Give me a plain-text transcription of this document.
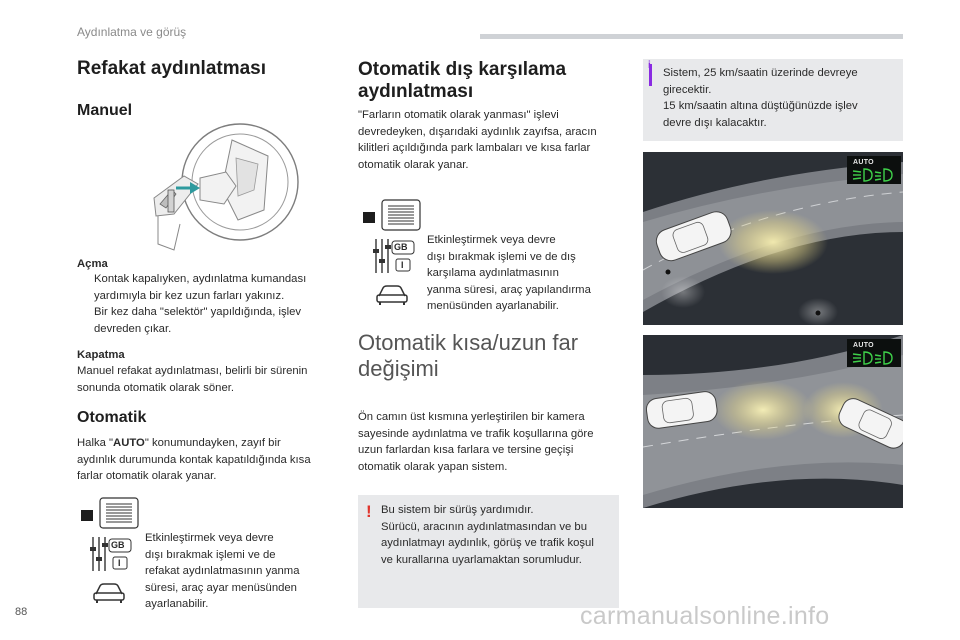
Aydınlatma ve görüş
Refakat aydınlatması
Manuel
Açma
Kontak kapalıyken, aydınlatma kumandası
yardımıyla bir kez uzun farları yakınız.
Bir kez daha "selektör" yapıldığında, işlev
devreden çıkar.
Kapatma
Manuel refakat aydınlatması, belirli bir sürenin
sonunda otomatik olarak söner.
Otomatik
Halka "AUTO" konumundayken, zayıf bir
aydınlık durumunda kontak kapatıldığında kısa
farlar otomatik olarak yanar.
GB
I
Etkinleştirmek veya devre
dışı bırakmak işlemi ve de
refakat aydınlatmasının yanma
süresi, araç ayar menüsünden
ayarlanabilir.
Otomatik dış karşılama
aydınlatması
"Farların otomatik olarak yanması" işlevi
devredeyken, dışarıdaki aydınlık zayıfsa, aracın
kilitleri açıldığında park lambaları ve kısa farlar
otomatik olarak yanar.
GB
I
Etkinleştirmek veya devre
dışı bırakmak işlemi ve de dış
karşılama aydınlatmasının
yanma süresi, araç yapılandırma
menüsünden ayarlanabilir.
Otomatik kısa/uzun far
değişimi
Ön camın üst kısmına yerleştirilen bir kamera
sayesinde aydınlatma ve trafik koşullarına göre
uzun farlardan kısa farlara ve tersine geçişi
otomatik olarak yapan sistem.
! Bu sistem bir sürüş yardımıdır.
Sürücü, aracının aydınlatmasından ve bu
aydınlatmayı aydınlık, görüş ve trafik koşul
ve kurallarına uyarlamaktan sorumludur.
i
Sistem, 25 km/saatin üzerinde devreye
girecektir.
15 km/saatin altına düştüğünüzde işlev
devre dışı kalacaktır.
AUTO
AUTO
88	carmanualsonline.info
